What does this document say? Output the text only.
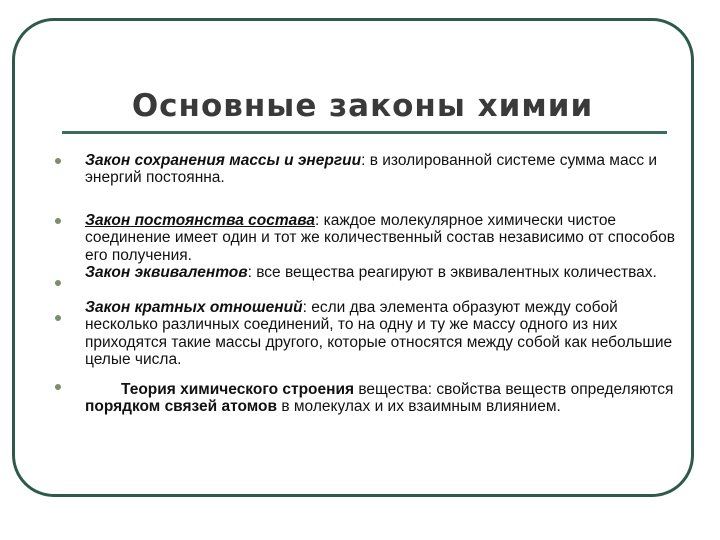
Основные законы химии
Закон сохранения массы и энергии: в изолированной системе сумма масс и энергий постоянна.
Закон постоянства состава: каждое молекулярное химически чистое соединение имеет один и тот же количественный состав независимо от способов его получения.
Закон эквивалентов: все вещества реагируют в эквивалентных количествах.
Закон кратных отношений: если два элемента образуют между собой несколько различных соединений, то на одну и ту же массу одного из них приходятся такие массы другого, которые относятся между собой как небольшие целые числа.
Теория химического строения вещества: свойства веществ определяются порядком связей атомов в молекулах и их взаимным влиянием.
